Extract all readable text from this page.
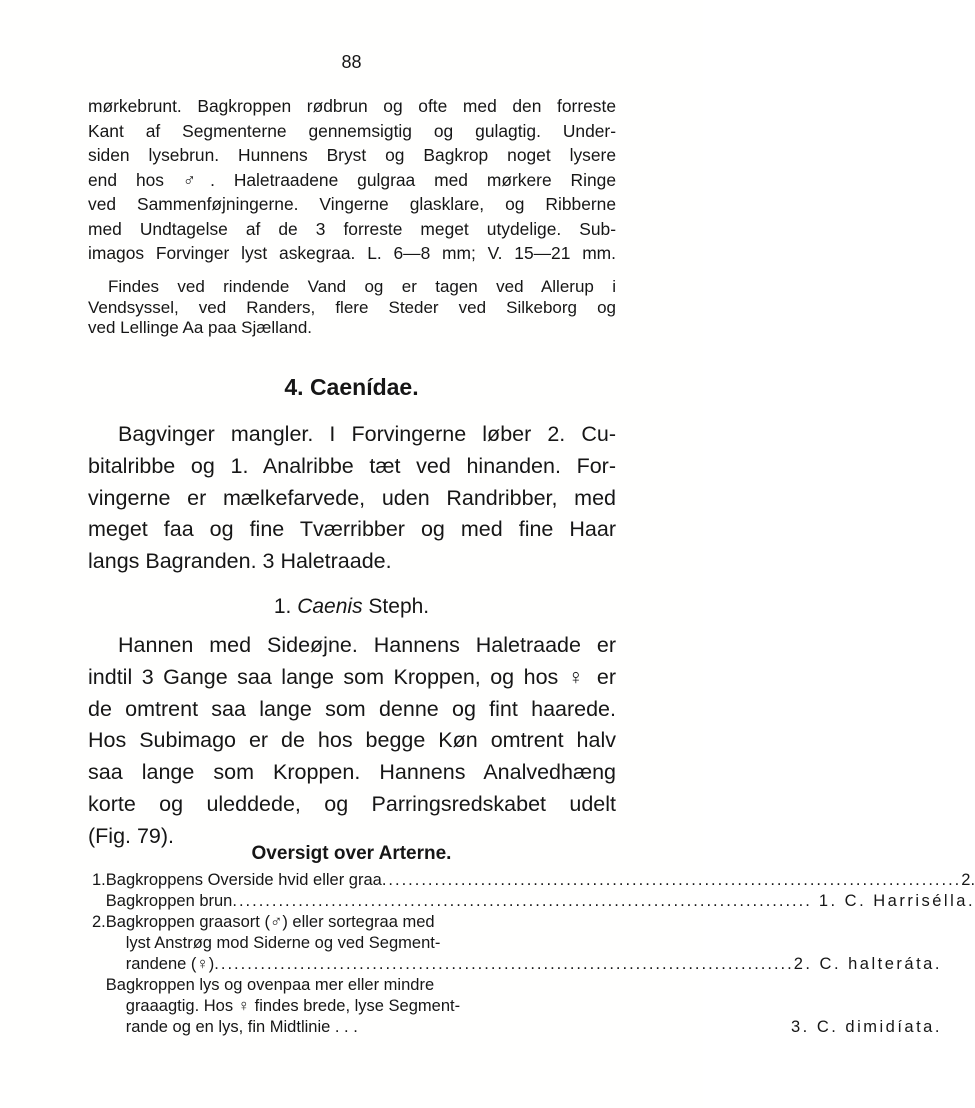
88
mørkebrunt. Bagkroppen rødbrun og ofte med den forreste
Kant af Segmenterne gennemsigtig og gulagtig. Under-
siden lysebrun. Hunnens Bryst og Bagkrop noget lysere
end hos ♂. Haletraadene gulgraa med mørkere Ringe
ved Sammenføjningerne. Vingerne glasklare, og Ribberne
med Undtagelse af de 3 forreste meget utydelige. Sub-
imagos Forvinger lyst askegraa. L. 6—8 mm; V. 15—21 mm.
Findes ved rindende Vand og er tagen ved Allerup i
Vendsyssel, ved Randers, flere Steder ved Silkeborg og
ved Lellinge Aa paa Sjælland.
4. Caenídae.
Bagvinger mangler. I Forvingerne løber 2. Cu-
bitalribbe og 1. Analribbe tæt ved hinanden. For-
vingerne er mælkefarvede, uden Randribber, med
meget faa og fine Tværribber og med fine Haar
langs Bagranden. 3 Haletraade.
1. Caenis Steph.
Hannen med Sideøjne. Hannens Haletraade er
indtil 3 Gange saa lange som Kroppen, og hos ♀ er
de omtrent saa lange som denne og fint haarede.
Hos Subimago er de hos begge Køn omtrent halv
saa lange som Kroppen. Hannens Analvedhæng
korte og uleddede, og Parringsredskabet udelt
(Fig. 79).
Oversigt over Arterne.
1. Bagkroppens Overside hvid eller graa .....	2.
Bagkroppen brun .....	1. C. Harrisélla.
2. Bagkroppen graasort (♂) eller sortegraa med
lyst Anstrøg mod Siderne og ved Segment-
randene (♀) .....	2. C. halteráta.
Bagkroppen lys og ovenpaa mer eller mindre
graaagtig. Hos ♀ findes brede, lyse Segment-
rande og en lys, fin Midtlinie . . .	3. C. dimidíata.
